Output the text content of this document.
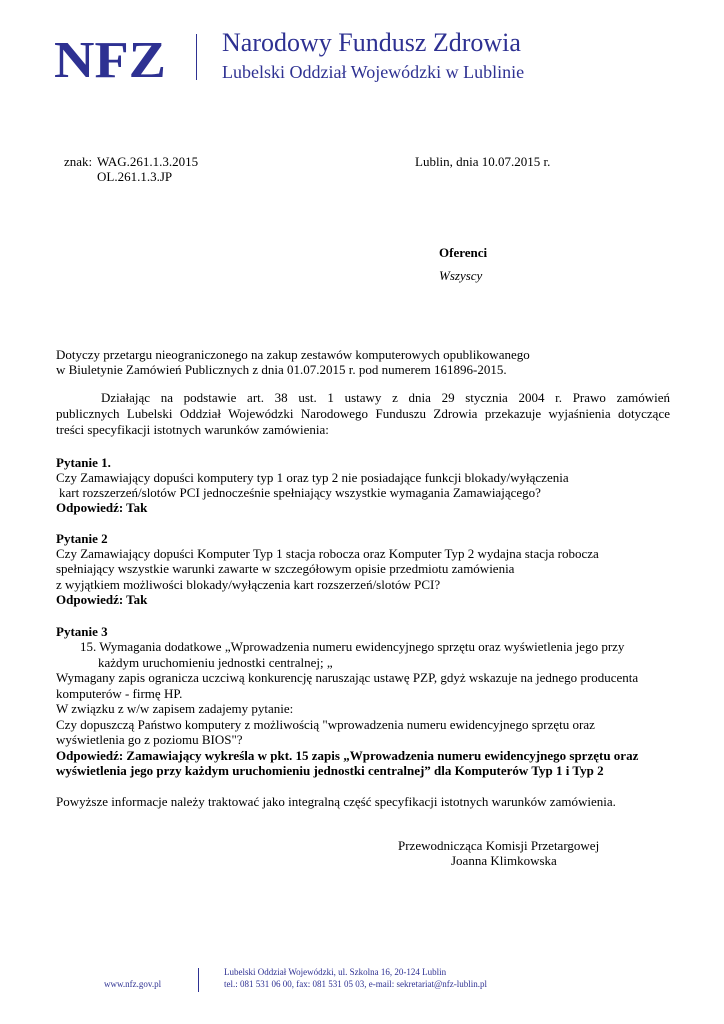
NFZ Narodowy Fundusz Zdrowia
Lubelski Oddział Wojewódzki w Lublinie
znak: WAG.261.1.3.2015
OL.261.1.3.JP
Lublin, dnia 10.07.2015 r.
Oferenci
Wszyscy
Dotyczy przetargu nieograniczonego na zakup zestawów komputerowych opublikowanego
w Biuletynie Zamówień Publicznych z dnia 01.07.2015 r. pod numerem 161896-2015.
Działając na podstawie art. 38 ust. 1 ustawy z dnia 29 stycznia 2004 r. Prawo zamówień
publicznych Lubelski Oddział Wojewódzki Narodowego Funduszu Zdrowia przekazuje wyjaśnienia dotyczące
treści specyfikacji istotnych warunków zamówienia:
Pytanie 1.
Czy Zamawiający dopuści komputery typ 1 oraz typ 2 nie posiadające funkcji blokady/wyłączenia
kart rozszerzeń/slotów PCI jednocześnie spełniający wszystkie wymagania Zamawiającego?
Odpowiedź: Tak
Pytanie 2
Czy Zamawiający dopuści Komputer Typ 1 stacja robocza oraz Komputer Typ 2 wydajna stacja robocza
spełniający wszystkie warunki zawarte w szczegółowym opisie przedmiotu zamówienia
z wyjątkiem możliwości blokady/wyłączenia kart rozszerzeń/slotów PCI?
Odpowiedź: Tak
Pytanie 3
15. Wymagania dodatkowe „Wprowadzenia numeru ewidencyjnego sprzętu oraz wyświetlenia jego przy
każdym uruchomieniu jednostki centralnej; „
Wymagany zapis ogranicza uczciwą konkurencję naruszając ustawę PZP, gdyż wskazuje na jednego producenta
komputerów - firmę HP.
W związku z w/w zapisem zadajemy pytanie:
Czy dopuszczą Państwo komputery z możliwością "wprowadzenia numeru ewidencyjnego sprzętu oraz
wyświetlenia go z poziomu BIOS"?
Odpowiedź: Zamawiający wykreśla w pkt. 15 zapis „Wprowadzenia numeru ewidencyjnego sprzętu oraz
wyświetlenia jego przy każdym uruchomieniu jednostki centralnej” dla Komputerów Typ 1 i Typ 2
Powyższe informacje należy traktować jako integralną część specyfikacji istotnych warunków zamówienia.
Przewodnicząca Komisji Przetargowej
Joanna Klimkowska
www.nfz.gov.pl
Lubelski Oddział Wojewódzki, ul. Szkolna 16, 20-124 Lublin
tel.: 081 531 06 00, fax: 081 531 05 03, e-mail: sekretariat@nfz-lublin.pl
